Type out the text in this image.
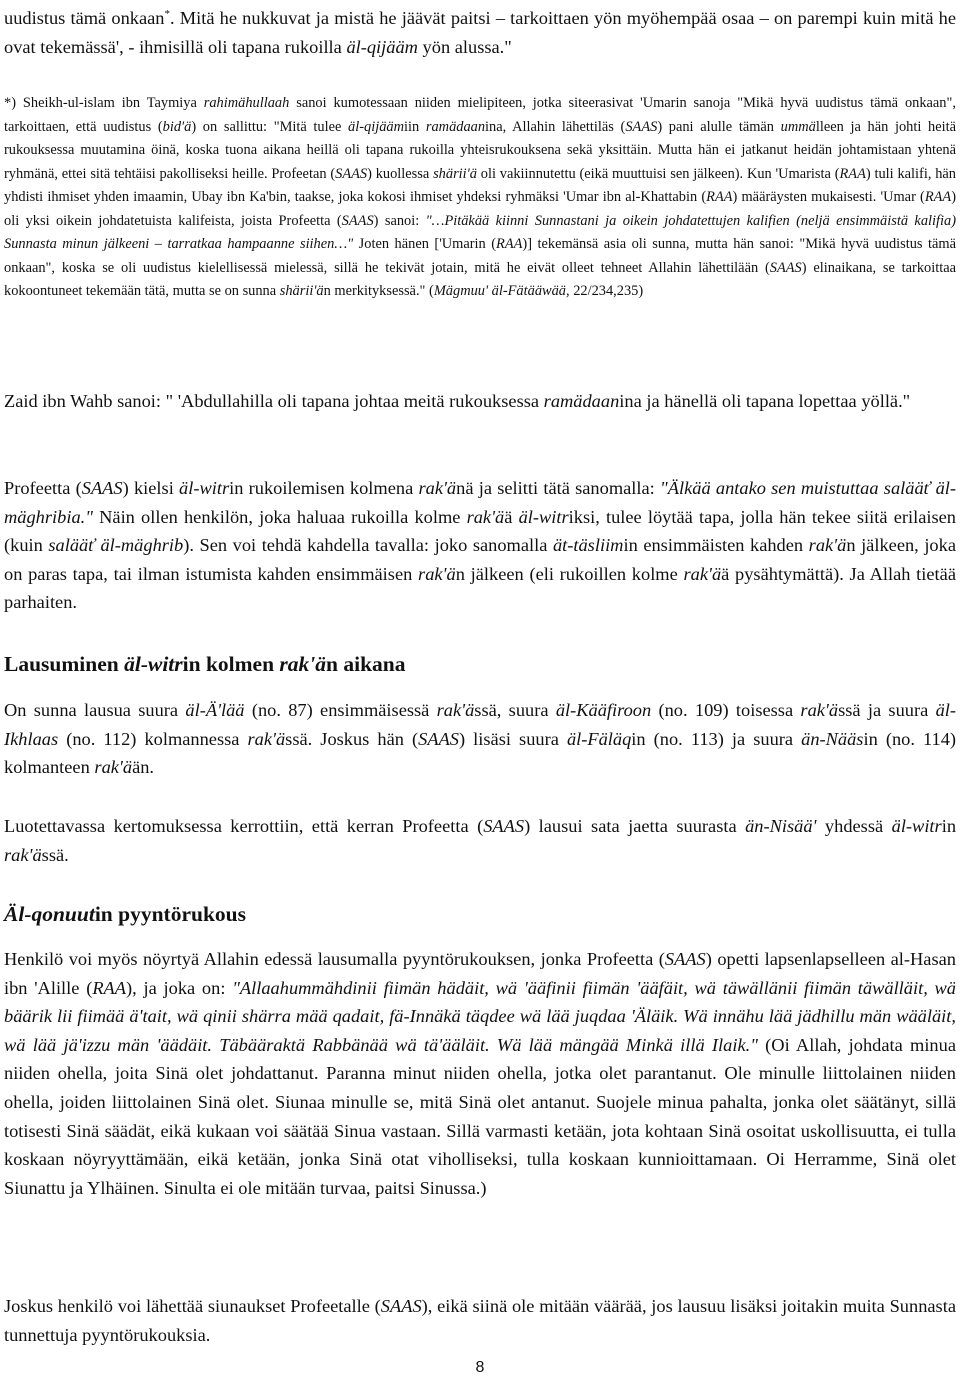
uudistus tämä onkaan*. Mitä he nukkuvat ja mistä he jäävät paitsi – tarkoittaen yön myöhempää osaa – on parempi kuin mitä he ovat tekemässä', - ihmisillä oli tapana rukoilla äl-qijääm yön alussa."

*) Sheikh-ul-islam ibn Taymiya rahimähullaah sanoi kumotessaan niiden mielipiteen, jotka siteerasivat 'Umarin sanoja "Mikä hyvä uudistus tämä onkaan", tarkoittaen, että uudistus (bid'ä) on sallittu: "Mitä tulee äl-qijäämiin ramädaanina, Allahin lähettiläs (SAAS) pani alulle tämän ummälleen ja hän johti heitä rukouksessa muutamina öinä, koska tuona aikana heillä oli tapana rukoilla yhteisrukouksena sekä yksittäin. Mutta hän ei jatkanut heidän johtamistaan yhtenä ryhmänä, ettei sitä tehtäisi pakolliseksi heille. Profeetan (SAAS) kuollessa shärii'ä oli vakiinnutettu (eikä muuttuisi sen jälkeen). Kun 'Umarista (RAA) tuli kalifi, hän yhdisti ihmiset yhden imaamin, Ubay ibn Ka'bin, taakse, joka kokosi ihmiset yhdeksi ryhmäksi 'Umar ibn al-Khattabin (RAA) määräysten mukaisesti. 'Umar (RAA) oli yksi oikein johdatetuista kalifeista, joista Profeetta (SAAS) sanoi: "…Pitäkää kiinni Sunnastani ja oikein johdatettujen kalifien (neljä ensimmäistä kalifia) Sunnasta minun jälkeeni – tarratkaa hampaanne siihen…" Joten hänen ['Umarin (RAA)] tekemänsä asia oli sunna, mutta hän sanoi: "Mikä hyvä uudistus tämä onkaan", koska se oli uudistus kielellisessä mielessä, sillä he tekivät jotain, mitä he eivät olleet tehneet Allahin lähettilään (SAAS) elinaikana, se tarkoittaa kokoontuneet tekemään tätä, mutta se on sunna shärii'än merkityksessä." (Mägmuu' äl-Fätääwää, 22/234,235)

Zaid ibn Wahb sanoi: " 'Abdullahilla oli tapana johtaa meitä rukouksessa ramädaanina ja hänellä oli tapana lopettaa yöllä."

Profeetta (SAAS) kielsi äl-witrin rukoilemisen kolmena rak'änä ja selitti tätä sanomalla: "Älkää antako sen muistuttaa salääť äl-mäghribia." Näin ollen henkilön, joka haluaa rukoilla kolme rak'ää äl-witriksi, tulee löytää tapa, jolla hän tekee siitä erilaisen (kuin salääť äl-mäghrib). Sen voi tehdä kahdella tavalla: joko sanomalla ät-täsliimin ensimmäisten kahden rak'än jälkeen, joka on paras tapa, tai ilman istumista kahden ensimmäisen rak'än jälkeen (eli rukoillen kolme rak'ää pysähtymättä). Ja Allah tietää parhaiten.

Lausuminen äl-witrin kolmen rak'än aikana

On sunna lausua suura äl-Ä'lää (no. 87) ensimmäisessä rak'ässä, suura äl-Kääfiroon (no. 109) toisessa rak'ässä ja suura äl-Ikhlaas (no. 112) kolmannessa rak'ässä. Joskus hän (SAAS) lisäsi suura äl-Fäläqin (no. 113) ja suura än-Nääsin (no. 114) kolmanteen rak'ään.

Luotettavassa kertomuksessa kerrottiin, että kerran Profeetta (SAAS) lausui sata jaetta suurasta än-Nisää' yhdessä äl-witrin rak'ässä.

Äl-qonuutin pyyntörukous

Henkilö voi myös nöyrtyä Allahin edessä lausumalla pyyntörukouksen, jonka Profeetta (SAAS) opetti lapsenlapselleen al-Hasan ibn 'Alille (RAA), ja joka on: "Allaahummähdinii fiimän hädäit, wä 'ääfinii fiimän 'ääfäit, wä täwällänii fiimän täwälläit, wä bäärik lii fiimää ä'tait, wä qinii shärra mää qadait, fä-Innäkä täqdee wä lää juqdaa 'Äläik. Wä innähu lää jädhillu män wääläit, wä lää jä'izzu män 'äädäit. Täbääraktä Rabbänää wä tä'ääläit. Wä lää mängää Minkä illä Ilaik." (Oi Allah, johdata minua niiden ohella, joita Sinä olet johdattanut. Paranna minut niiden ohella, jotka olet parantanut. Ole minulle liittolainen niiden ohella, joiden liittolainen Sinä olet. Siunaa minulle se, mitä Sinä olet antanut. Suojele minua pahalta, jonka olet säätänyt, sillä totisesti Sinä säädät, eikä kukaan voi säätää Sinua vastaan. Sillä varmasti ketään, jota kohtaan Sinä osoitat uskollisuutta, ei tulla koskaan nöyryyttämään, eikä ketään, jonka Sinä otat viholliseksi, tulla koskaan kunnioittamaan. Oi Herramme, Sinä olet Siunattu ja Ylhäinen. Sinulta ei ole mitään turvaa, paitsi Sinussa.)

Joskus henkilö voi lähettää siunaukset Profeetalle (SAAS), eikä siinä ole mitään väärää, jos lausuu lisäksi joitakin muita Sunnasta tunnettuja pyyntörukouksia.

8
